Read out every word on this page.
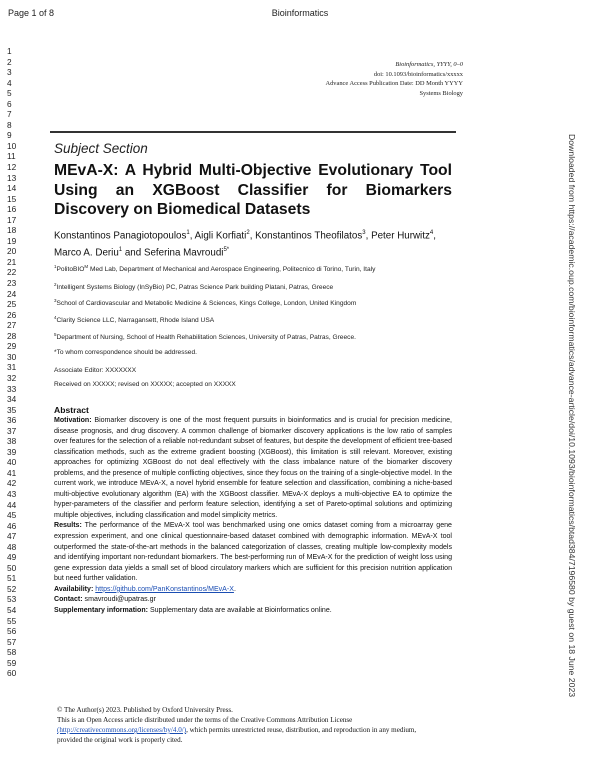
Page 1 of 8	Bioinformatics
1
2
3
4
5
6
7
8
9
10
11
12
13
14
15
16
17
18
19
20
21
22
23
24
25
26
27
28
29
30
31
32
33
34
35
36
37
38
39
40
41
42
43
44
45
46
47
48
49
50
51
52
53
54
55
56
57
58
59
60
Bioinformatics, YYYY, 0–0
doi: 10.1093/bioinformatics/xxxxx
Advance Access Publication Date: DD Month YYYY
Systems Biology
Subject Section
MEvA-X: A Hybrid Multi-Objective Evolutionary Tool Using an XGBoost Classifier for Biomarkers Discovery on Biomedical Datasets
Konstantinos Panagiotopoulos$^1$, Aigli Korfiati$^2$, Konstantinos Theofilatos$^3$, Peter Hurwitz$^4$, Marco A. Deriu$^1$ and Seferina Mavroudi$^{5*}$
$^1$PolitoBIO$^M$ Med Lab, Department of Mechanical and Aerospace Engineering, Politecnico di Torino, Turin, Italy
$^2$Intelligent Systems Biology (InSyBio) PC, Patras Science Park building Platani, Patras, Greece
$^3$School of Cardiovascular and Metabolic Medicine & Sciences, Kings College, London, United Kingdom
$^4$Clarity Science LLC, Narragansett, Rhode Island USA
$^5$Department of Nursing, School of Health Rehabilitation Sciences, University of Patras, Patras, Greece.
*To whom correspondence should be addressed.
Associate Editor: XXXXXXX
Received on XXXXX; revised on XXXXX; accepted on XXXXX
Abstract

Motivation: Biomarker discovery is one of the most frequent pursuits in bioinformatics and is crucial for precision medicine, disease prognosis, and drug discovery. A common challenge of biomarker discovery applications is the low ratio of samples over features for the selection of a reliable not-redundant subset of features, but despite the development of efficient tree-based classification methods, such as the extreme gradient boosting (XGBoost), this limitation is still relevant. Moreover, existing approaches for optimizing XGBoost do not deal effectively with the class imbalance nature of the biomarker discovery problems, and the presence of multiple conflicting objectives, since they focus on the training of a single-objective model. In the current work, we introduce MEvA-X, a novel hybrid ensemble for feature selection and classification, combining a niche-based multi-objective evolutionary algorithm (EA) with the XGBoost classifier. MEvA-X deploys a multi-objective EA to optimize the hyper-parameters of the classifier and perform feature selection, identifying a set of Pareto-optimal solutions and optimizing multiple objectives, including classification and model simplicity metrics.

Results: The performance of the MEvA-X tool was benchmarked using one omics dataset coming from a microarray gene expression experiment, and one clinical questionnaire-based dataset combined with demographic information. MEvA-X tool outperformed the state-of-the-art methods in the balanced categorization of classes, creating multiple low-complexity models and identifying important non-redundant biomarkers. The best-performing run of MEvA-X for the prediction of weight loss using gene expression data yields a small set of blood circulatory markers which are sufficient for this precision nutrition application but need further validation.

Availability: https://github.com/PanKonstantinos/MEvA-X.

Contact: smavroudi@upatras.gr

Supplementary information: Supplementary data are available at Bioinformatics online.

© The Author(s) 2023. Published by Oxford University Press.
This is an Open Access article distributed under the terms of the Creative Commons Attribution License
(http://creativecommons.org/licenses/by/4.0/), which permits unrestricted reuse, distribution, and reproduction in any medium,
provided the original work is properly cited.
Downloaded from https://academic.oup.com/bioinformatics/advance-article/doi/10.1093/bioinformatics/btad384/7196580 by guest on 18 June 2023
